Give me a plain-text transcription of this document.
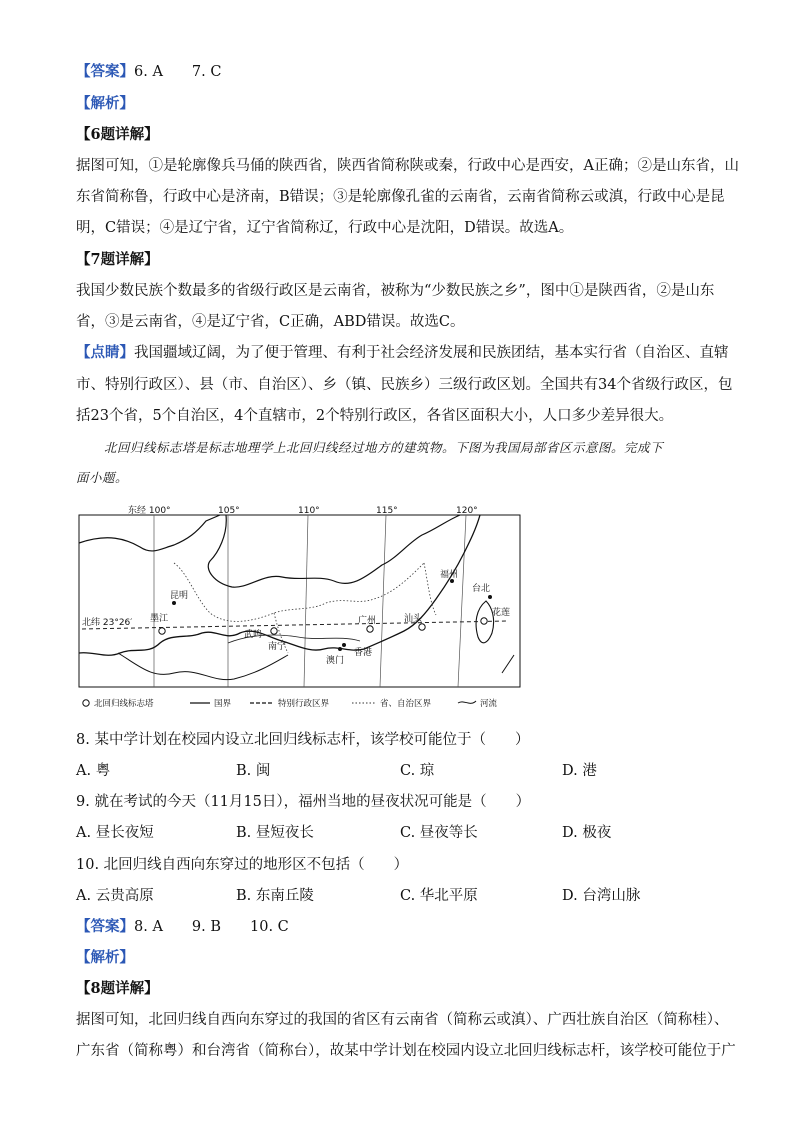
【答案】6. A　　7. C
【解析】
【6题详解】
据图可知，①是轮廓像兵马俑的陕西省，陕西省简称陕或秦，行政中心是西安，A正确；②是山东省，山
东省简称鲁，行政中心是济南，B错误；③是轮廓像孔雀的云南省，云南省简称云或滇，行政中心是昆
明，C错误；④是辽宁省，辽宁省简称辽，行政中心是沈阳，D错误。故选A。
【7题详解】
我国少数民族个数最多的省级行政区是云南省，被称为“少数民族之乡”，图中①是陕西省，②是山东
省，③是云南省，④是辽宁省，C正确，ABD错误。故选C。
【点睛】我国疆域辽阔，为了便于管理、有利于社会经济发展和民族团结，基本实行省（自治区、直辖
市、特别行政区）、县（市、自治区）、乡（镇、民族乡）三级行政区划。全国共有34个省级行政区，包
括23个省，5个自治区，4个直辖市，2个特别行政区，各省区面积大小，人口多少差异很大。
北回归线标志塔是标志地理学上北回归线经过地方的建筑物。下图为我国局部省区示意图。完成下
面小题。
东经 100°	105°	110°	115°	120°
北纬 23°26′
昆明
墨江
武鸣
南宁
广州	汕头
香港
澳门
福州
台北
花莲
北回归线标志塔	国界	特别行政区界	省、自治区界	河流
8. 某中学计划在校园内设立北回归线标志杆，该学校可能位于（　　）
A. 粤	B. 闽	C. 琼	D. 港
9. 就在考试的今天（11月15日），福州当地的昼夜状况可能是（　　）
A. 昼长夜短	B. 昼短夜长	C. 昼夜等长	D. 极夜
10. 北回归线自西向东穿过的地形区不包括（　　）
A. 云贵高原	B. 东南丘陵	C. 华北平原	D. 台湾山脉
【答案】8. A　　9. B　　10. C
【解析】
【8题详解】
据图可知，北回归线自西向东穿过的我国的省区有云南省（简称云或滇）、广西壮族自治区（简称桂）、
广东省（简称粤）和台湾省（简称台），故某中学计划在校园内设立北回归线标志杆，该学校可能位于广
